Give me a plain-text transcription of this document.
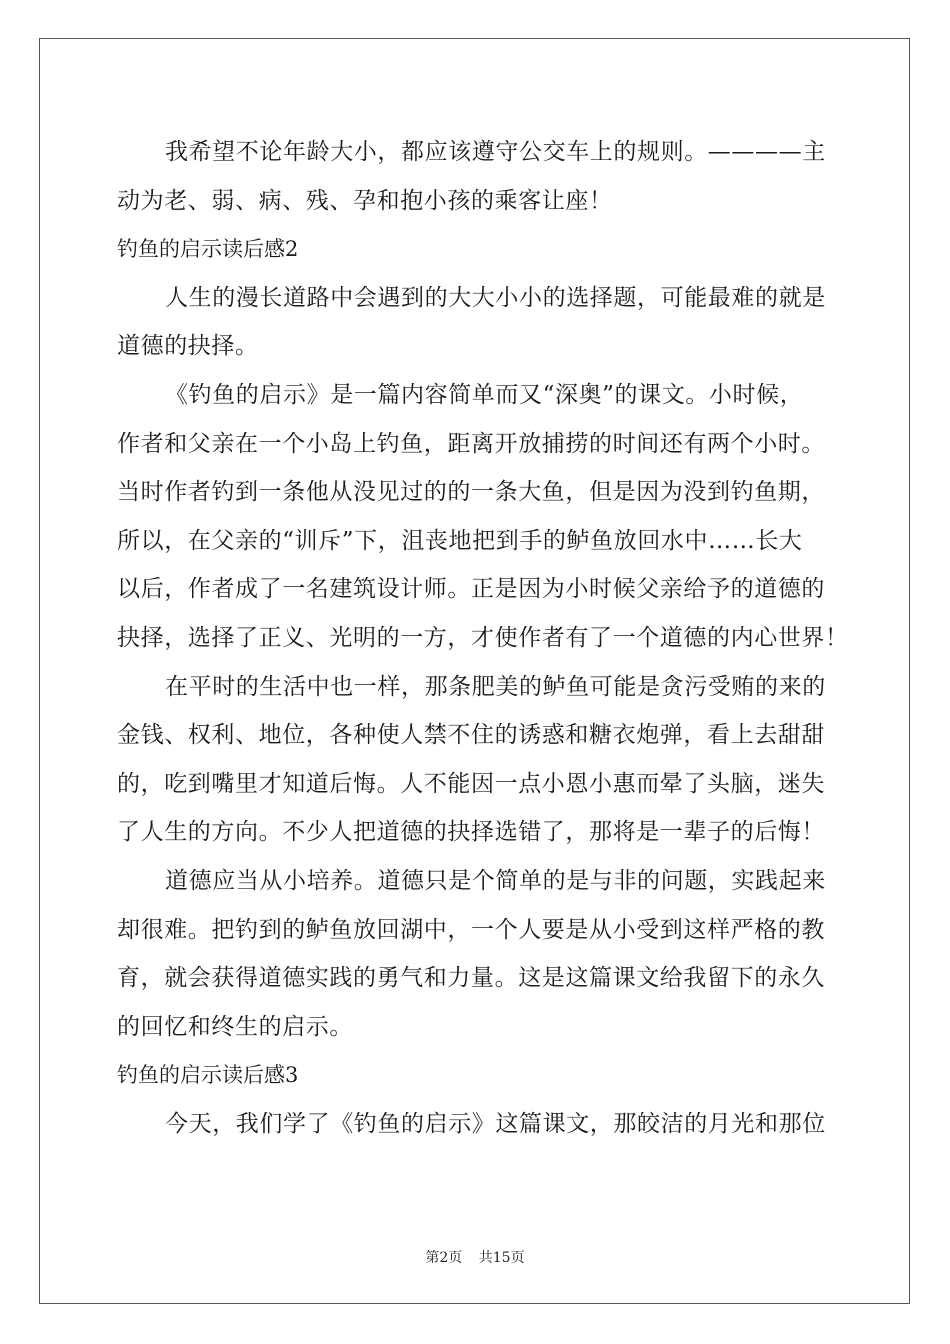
我希望不论年龄大小，都应该遵守公交车上的规则。————主
动为老、弱、病、残、孕和抱小孩的乘客让座！
钓鱼的启示读后感2
人生的漫长道路中会遇到的大大小小的选择题，可能最难的就是
道德的抉择。
《钓鱼的启示》是一篇内容简单而又“深奥”的课文。小时候，
作者和父亲在一个小岛上钓鱼，距离开放捕捞的时间还有两个小时。
当时作者钓到一条他从没见过的的一条大鱼，但是因为没到钓鱼期，
所以，在父亲的“训斥”下，沮丧地把到手的鲈鱼放回水中……长大
以后，作者成了一名建筑设计师。正是因为小时候父亲给予的道德的
抉择，选择了正义、光明的一方，才使作者有了一个道德的内心世界！
在平时的生活中也一样，那条肥美的鲈鱼可能是贪污受贿的来的
金钱、权利、地位，各种使人禁不住的诱惑和糖衣炮弹，看上去甜甜
的，吃到嘴里才知道后悔。人不能因一点小恩小惠而晕了头脑，迷失
了人生的方向。不少人把道德的抉择选错了，那将是一辈子的后悔！
道德应当从小培养。道德只是个简单的是与非的问题，实践起来
却很难。把钓到的鲈鱼放回湖中，一个人要是从小受到这样严格的教
育，就会获得道德实践的勇气和力量。这是这篇课文给我留下的永久
的回忆和终生的启示。
钓鱼的启示读后感3
今天，我们学了《钓鱼的启示》这篇课文，那皎洁的月光和那位
第2页 共15页
